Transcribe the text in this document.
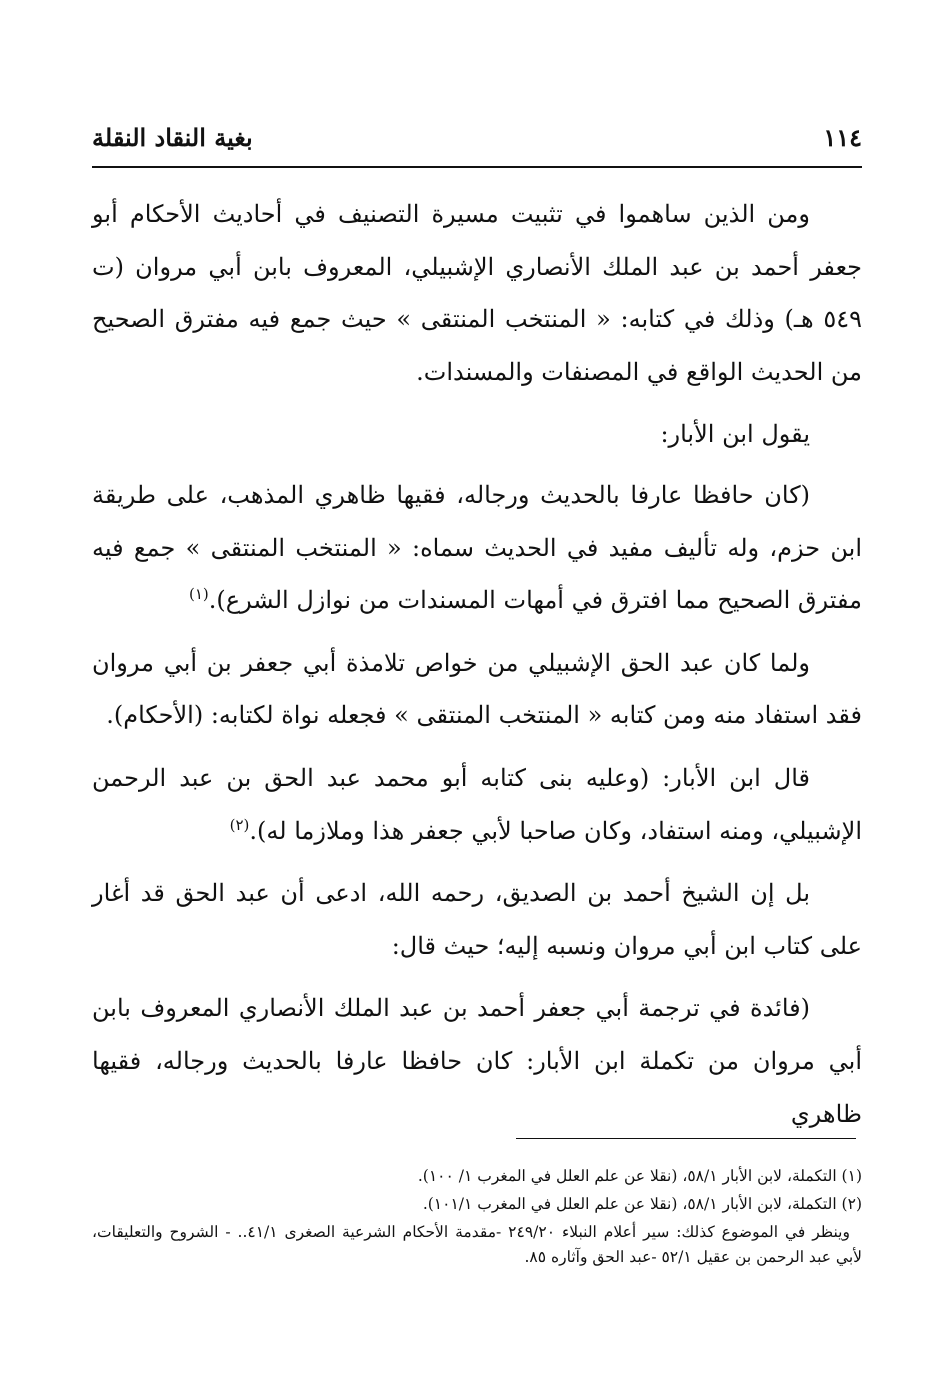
١١٤
بغية النقاد النقلة

ومن الذين ساهموا في تثبيت مسيرة التصنيف في أحاديث الأحكام أبو جعفر أحمد بن عبد الملك الأنصاري الإشبيلي، المعروف بابن أبي مروان (ت ٥٤٩ هـ) وذلك في كتابه: « المنتخب المنتقى » حيث جمع فيه مفترق الصحيح من الحديث الواقع في المصنفات والمسندات.

يقول ابن الأبار:

(كان حافظا عارفا بالحديث ورجاله، فقيها ظاهري المذهب، على طريقة ابن حزم، وله تأليف مفيد في الحديث سماه: « المنتخب المنتقى » جمع فيه مفترق الصحيح مما افترق في أمهات المسندات من نوازل الشرع).$^{(١)}$

ولما كان عبد الحق الإشبيلي من خواص تلامذة أبي جعفر بن أبي مروان فقد استفاد منه ومن كتابه « المنتخب المنتقى » فجعله نواة لكتابه: (الأحكام).

قال ابن الأبار: (وعليه بنى كتابه أبو محمد عبد الحق بن عبد الرحمن الإشبيلي، ومنه استفاد، وكان صاحبا لأبي جعفر هذا وملازما له).$^{(٢)}$

بل إن الشيخ أحمد بن الصديق، رحمه الله، ادعى أن عبد الحق قد أغار على كتاب ابن أبي مروان ونسبه إليه؛ حيث قال:

(فائدة في ترجمة أبي جعفر أحمد بن عبد الملك الأنصاري المعروف بابن أبي مروان من تكملة ابن الأبار: كان حافظا عارفا بالحديث ورجاله، فقيها ظاهري

(١) التكملة، لابن الأبار ٥٨/١، (نقلا عن علم العلل في المغرب ١/ ١٠٠).

(٢) التكملة، لابن الأبار ٥٨/١، (نقلا عن علم العلل في المغرب ١٠١/١).

وينظر في الموضوع كذلك: سير أعلام النبلاء ٢٤٩/٢٠ -مقدمة الأحكام الشرعية الصغرى ٤١/١.. - الشروح والتعليقات، لأبي عبد الرحمن بن عقيل ٥٢/١ -عبد الحق وآثاره ٨٥.
